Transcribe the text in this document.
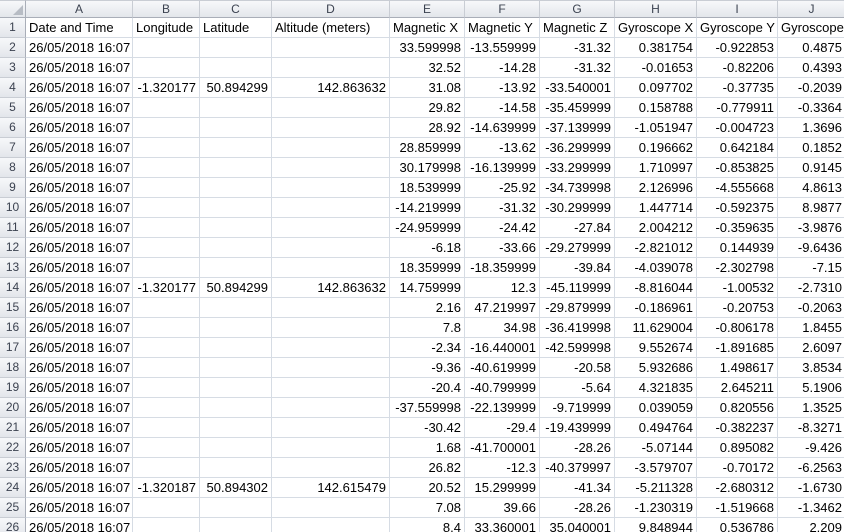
	A	B	C	D	E	F	G	H	I	J
1	Date and Time	Longitude	Latitude	Altitude (meters)	Magnetic X	Magnetic Y	Magnetic Z	Gyroscope X	Gyroscope Y	Gyroscope
2	26/05/2018 16:07				33.599998	-13.559999	-31.32	0.381754	-0.922853	0.4875
3	26/05/2018 16:07				32.52	-14.28	-31.32	-0.01653	-0.82206	0.4393
4	26/05/2018 16:07	-1.320177	50.894299	142.863632	31.08	-13.92	-33.540001	0.097702	-0.37735	-0.2039
5	26/05/2018 16:07				29.82	-14.58	-35.459999	0.158788	-0.779911	-0.3364
6	26/05/2018 16:07				28.92	-14.639999	-37.139999	-1.051947	-0.004723	1.3696
7	26/05/2018 16:07				28.859999	-13.62	-36.299999	0.196662	0.642184	0.1852
8	26/05/2018 16:07				30.179998	-16.139999	-33.299999	1.710997	-0.853825	0.9145
9	26/05/2018 16:07				18.539999	-25.92	-34.739998	2.126996	-4.555668	4.8613
10	26/05/2018 16:07				-14.219999	-31.32	-30.299999	1.447714	-0.592375	8.9877
11	26/05/2018 16:07				-24.959999	-24.42	-27.84	2.004212	-0.359635	-3.9876
12	26/05/2018 16:07				-6.18	-33.66	-29.279999	-2.821012	0.144939	-9.6436
13	26/05/2018 16:07				18.359999	-18.359999	-39.84	-4.039078	-2.302798	-7.15
14	26/05/2018 16:07	-1.320177	50.894299	142.863632	14.759999	12.3	-45.119999	-8.816044	-1.00532	-2.7310
15	26/05/2018 16:07				2.16	47.219997	-29.879999	-0.186961	-0.20753	-0.2063
16	26/05/2018 16:07				7.8	34.98	-36.419998	11.629004	-0.806178	1.8455
17	26/05/2018 16:07				-2.34	-16.440001	-42.599998	9.552674	-1.891685	2.6097
18	26/05/2018 16:07				-9.36	-40.619999	-20.58	5.932686	1.498617	3.8534
19	26/05/2018 16:07				-20.4	-40.799999	-5.64	4.321835	2.645211	5.1906
20	26/05/2018 16:07				-37.559998	-22.139999	-9.719999	0.039059	0.820556	1.3525
21	26/05/2018 16:07				-30.42	-29.4	-19.439999	0.494764	-0.382237	-8.3271
22	26/05/2018 16:07				1.68	-41.700001	-28.26	-5.07144	0.895082	-9.426
23	26/05/2018 16:07				26.82	-12.3	-40.379997	-3.579707	-0.70172	-6.2563
24	26/05/2018 16:07	-1.320187	50.894302	142.615479	20.52	15.299999	-41.34	-5.211328	-2.680312	-1.6730
25	26/05/2018 16:07				7.08	39.66	-28.26	-1.230319	-1.519668	-1.3462
26	26/05/2018 16:07				8.4	33.360001	35.040001	9.848944	0.536786	2.209
